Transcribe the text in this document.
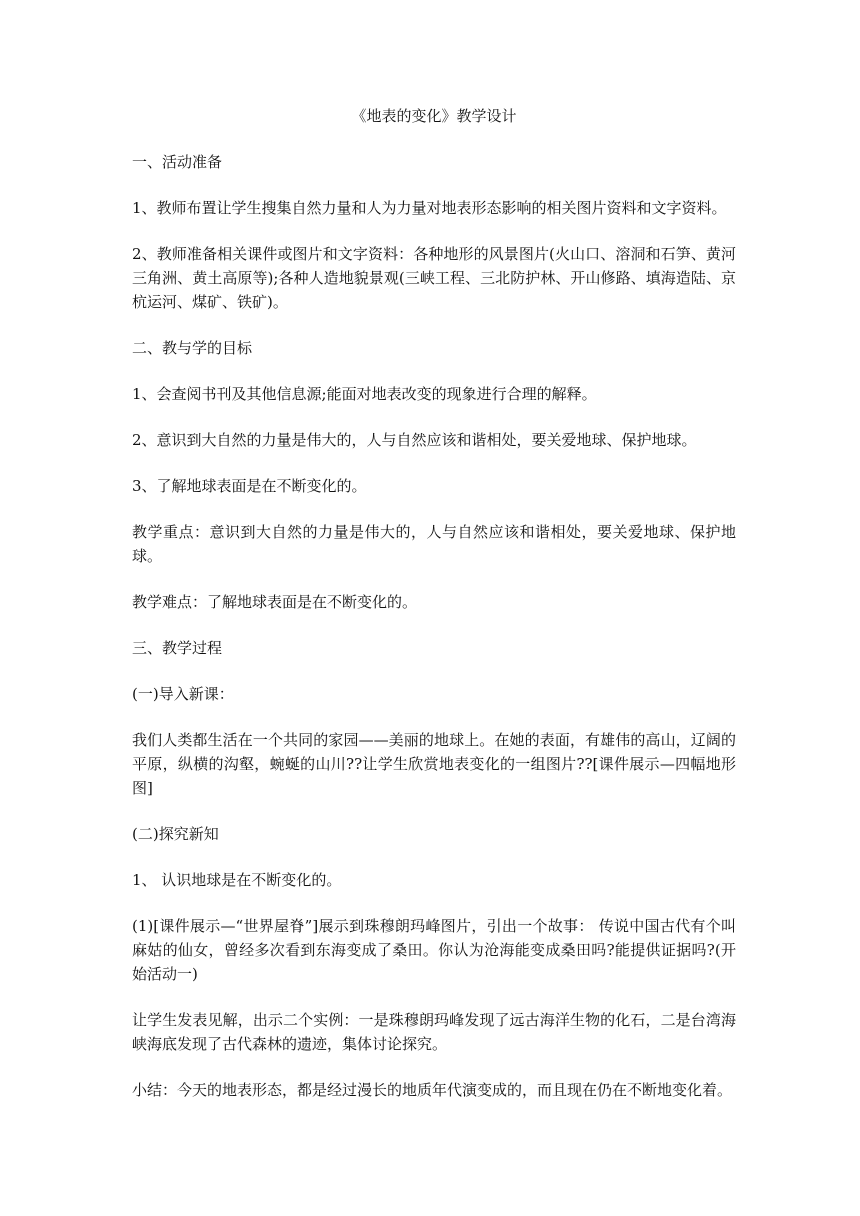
《地表的变化》教学设计
一、活动准备
1、教师布置让学生搜集自然力量和人为力量对地表形态影响的相关图片资料和文字资料。
2、教师准备相关课件或图片和文字资料：各种地形的风景图片(火山口、溶洞和石笋、黄河三角洲、黄土高原等);各种人造地貌景观(三峡工程、三北防护林、开山修路、填海造陆、京杭运河、煤矿、铁矿)。
二、教与学的目标
1、会查阅书刊及其他信息源;能面对地表改变的现象进行合理的解释。
2、意识到大自然的力量是伟大的，人与自然应该和谐相处，要关爱地球、保护地球。
3、了解地球表面是在不断变化的。
教学重点：意识到大自然的力量是伟大的，人与自然应该和谐相处，要关爱地球、保护地球。
教学难点：了解地球表面是在不断变化的。
三、教学过程
(一)导入新课：
我们人类都生活在一个共同的家园——美丽的地球上。在她的表面，有雄伟的高山，辽阔的平原，纵横的沟壑，蜿蜒的山川??让学生欣赏地表变化的一组图片??[课件展示—四幅地形图]
(二)探究新知
1、 认识地球是在不断变化的。
(1)[课件展示—“世界屋脊”]展示到珠穆朗玛峰图片，引出一个故事： 传说中国古代有个叫麻姑的仙女，曾经多次看到东海变成了桑田。你认为沧海能变成桑田吗?能提供证据吗?(开始活动一)
让学生发表见解，出示二个实例：一是珠穆朗玛峰发现了远古海洋生物的化石，二是台湾海峡海底发现了古代森林的遗迹，集体讨论探究。
小结：今天的地表形态，都是经过漫长的地质年代演变成的，而且现在仍在不断地变化着。
